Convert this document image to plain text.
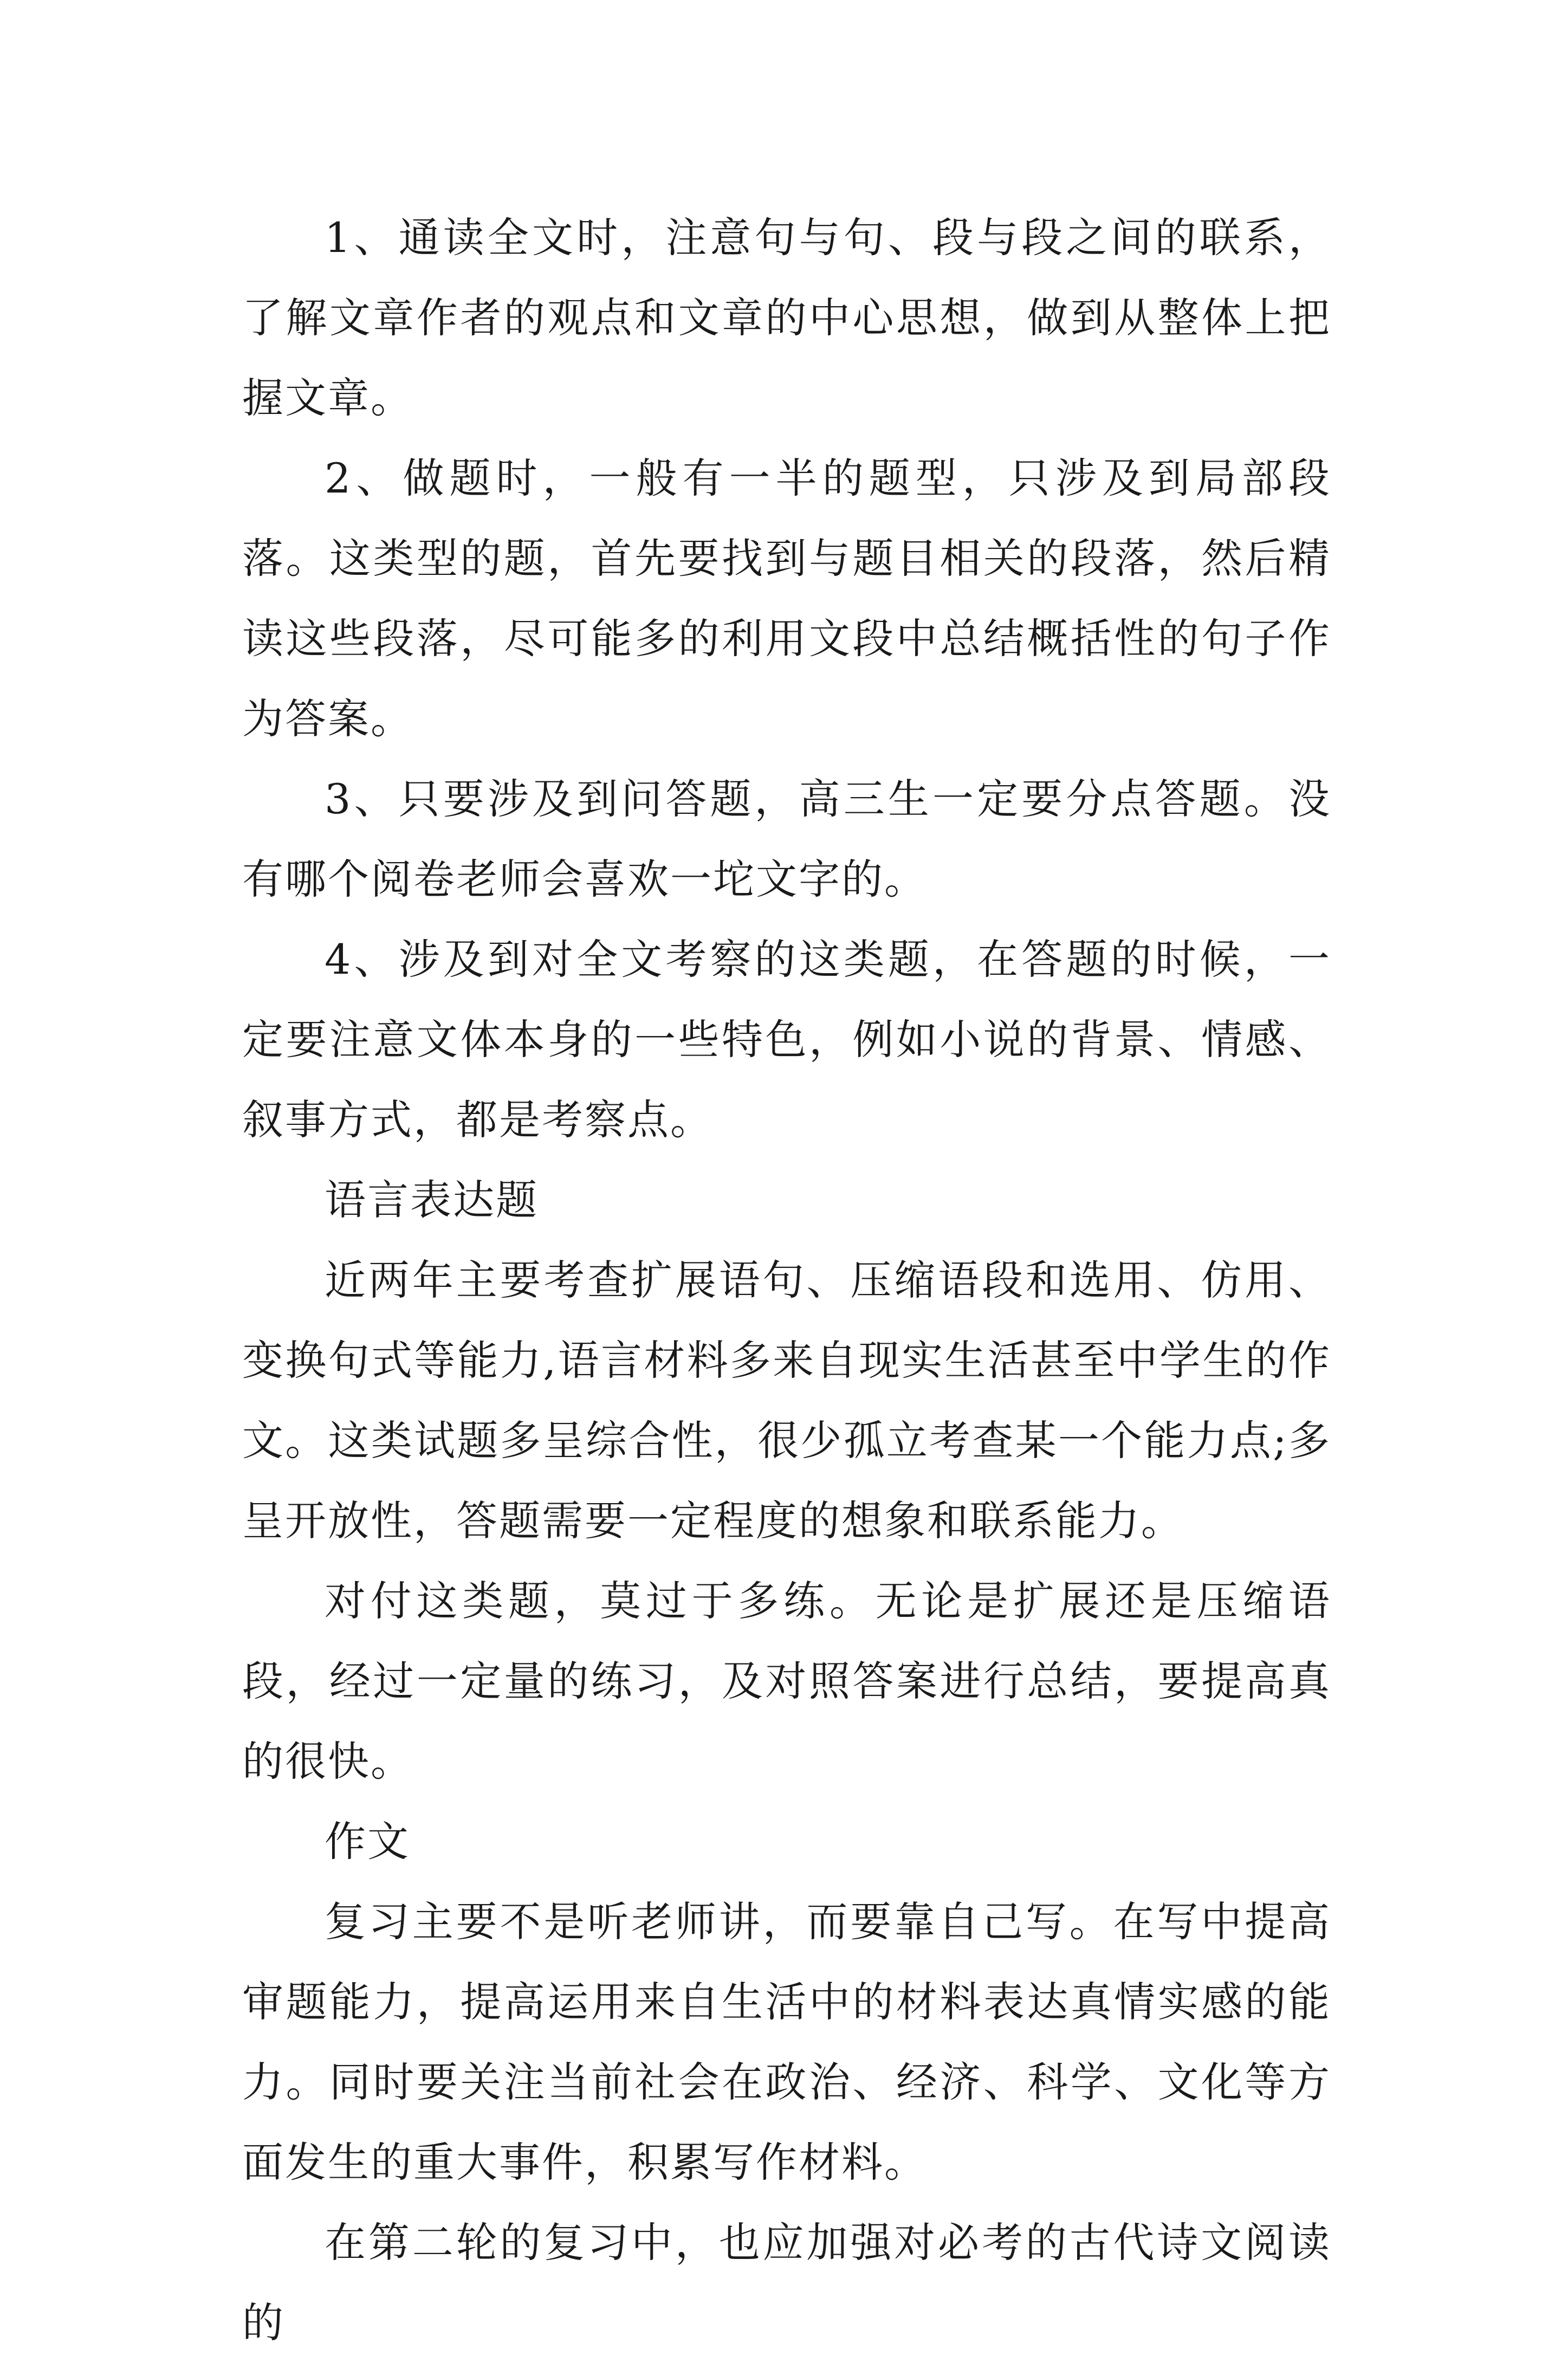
1、通读全文时，注意句与句、段与段之间的联系，了解文章作者的观点和文章的中心思想，做到从整体上把握文章。

2、做题时，一般有一半的题型，只涉及到局部段落。这类型的题，首先要找到与题目相关的段落，然后精读这些段落，尽可能多的利用文段中总结概括性的句子作为答案。

3、只要涉及到问答题，高三生一定要分点答题。没有哪个阅卷老师会喜欢一坨文字的。

4、涉及到对全文考察的这类题，在答题的时候，一定要注意文体本身的一些特色，例如小说的背景、情感、叙事方式，都是考察点。

语言表达题

近两年主要考查扩展语句、压缩语段和选用、仿用、变换句式等能力,语言材料多来自现实生活甚至中学生的作文。这类试题多呈综合性，很少孤立考查某一个能力点;多呈开放性，答题需要一定程度的想象和联系能力。

对付这类题，莫过于多练。无论是扩展还是压缩语段，经过一定量的练习，及对照答案进行总结，要提高真的很快。

作文

复习主要不是听老师讲，而要靠自己写。在写中提高审题能力，提高运用来自生活中的材料表达真情实感的能力。同时要关注当前社会在政治、经济、科学、文化等方面发生的重大事件，积累写作材料。

在第二轮的复习中，也应加强对必考的古代诗文阅读的
